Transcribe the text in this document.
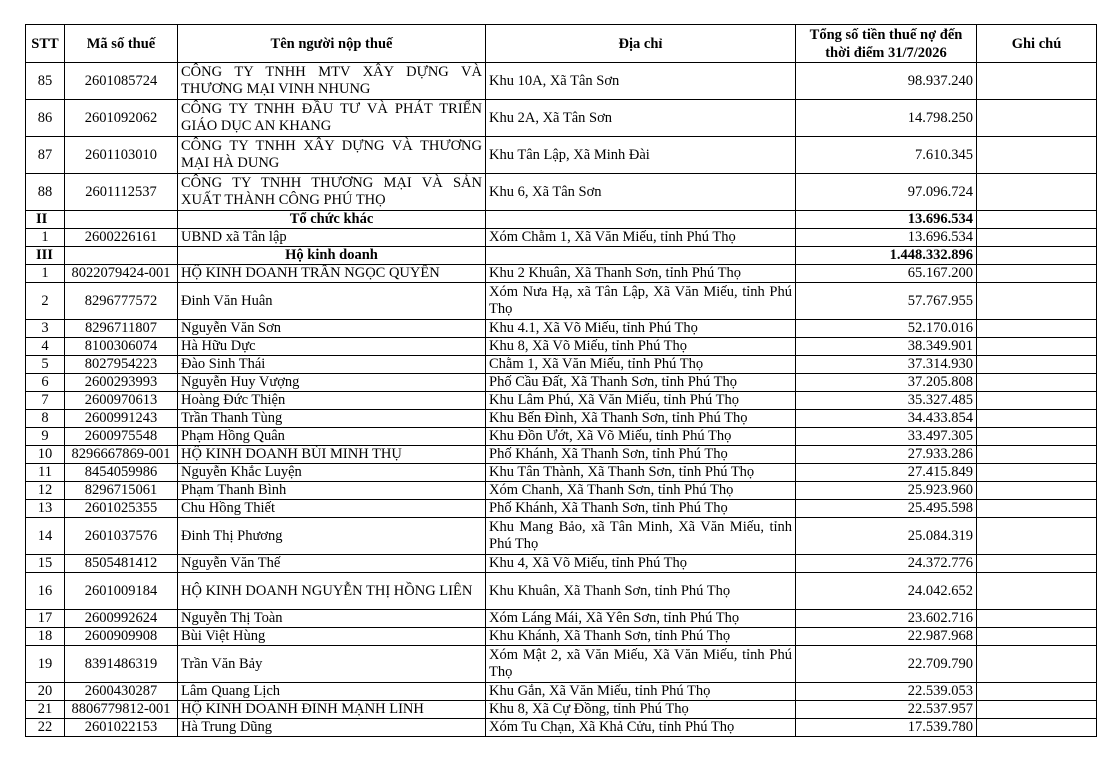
STT	Mã số thuế	Tên người nộp thuế	Địa chỉ	Tổng số tiền thuế nợ đến thời điểm 31/7/2026	Ghi chú
85	2601085724	CÔNG TY TNHH MTV XÂY DỰNG VÀ THƯƠNG MẠI VINH NHUNG	Khu 10A, Xã Tân Sơn	98.937.240	
86	2601092062	CÔNG TY TNHH ĐẦU TƯ VÀ PHÁT TRIỂN GIÁO DỤC AN KHANG	Khu 2A, Xã Tân Sơn	14.798.250	
87	2601103010	CÔNG TY TNHH XÂY DỰNG VÀ THƯƠNG MẠI HÀ DUNG	Khu Tân Lập, Xã Minh Đài	7.610.345	
88	2601112537	CÔNG TY TNHH THƯƠNG MẠI VÀ SẢN XUẤT THÀNH CÔNG PHÚ THỌ	Khu 6, Xã Tân Sơn	97.096.724	
II		Tổ chức khác		13.696.534	
1	2600226161	UBND xã Tân lập	Xóm Chằm 1, Xã Văn Miếu, tỉnh Phú Thọ	13.696.534	
III		Hộ kinh doanh		1.448.332.896	
1	8022079424-001	HỘ KINH DOANH TRẦN NGỌC QUYẾN	Khu 2 Khuân, Xã Thanh Sơn, tỉnh Phú Thọ	65.167.200	
2	8296777572	Đinh Văn Huân	Xóm Nưa Hạ, xã Tân Lập, Xã Văn Miếu, tỉnh Phú Thọ	57.767.955	
3	8296711807	Nguyễn Văn Sơn	Khu 4.1, Xã Võ Miếu, tỉnh Phú Thọ	52.170.016	
4	8100306074	Hà Hữu Dực	Khu 8, Xã Võ Miếu, tỉnh Phú Thọ	38.349.901	
5	8027954223	Đào Sinh Thái	Chằm 1, Xã Văn Miếu, tỉnh Phú Thọ	37.314.930	
6	2600293993	Nguyễn Huy Vượng	Phố Cầu Đất, Xã Thanh Sơn, tỉnh Phú Thọ	37.205.808	
7	2600970613	Hoàng Đức Thiện	Khu Lâm Phú, Xã Văn Miếu, tỉnh Phú Thọ	35.327.485	
8	2600991243	Trần Thanh Tùng	Khu Bến Đình, Xã Thanh Sơn, tỉnh Phú Thọ	34.433.854	
9	2600975548	Phạm Hồng Quân	Khu Đồn Ướt, Xã Võ Miếu, tỉnh Phú Thọ	33.497.305	
10	8296667869-001	HỘ KINH DOANH BÙI MINH THỤ	Phố Khánh, Xã Thanh Sơn, tỉnh Phú Thọ	27.933.286	
11	8454059986	Nguyễn Khắc Luyện	Khu Tân Thành, Xã Thanh Sơn, tỉnh Phú Thọ	27.415.849	
12	8296715061	Phạm Thanh Bình	Xóm Chanh, Xã Thanh Sơn, tỉnh Phú Thọ	25.923.960	
13	2601025355	Chu Hồng Thiết	Phố Khánh, Xã Thanh Sơn, tỉnh Phú Thọ	25.495.598	
14	2601037576	Đinh Thị Phương	Khu Mang Bảo, xã Tân Minh, Xã Văn Miếu, tỉnh Phú Thọ	25.084.319	
15	8505481412	Nguyễn Văn Thế	Khu 4, Xã Võ Miếu, tỉnh Phú Thọ	24.372.776	
16	2601009184	HỘ KINH DOANH NGUYỄN THỊ HỒNG LIÊN	Khu Khuân, Xã Thanh Sơn, tỉnh Phú Thọ	24.042.652	
17	2600992624	Nguyễn Thị Toàn	Xóm Láng Mái, Xã Yên Sơn, tỉnh Phú Thọ	23.602.716	
18	2600909908	Bùi Việt Hùng	Khu Khánh, Xã Thanh Sơn, tỉnh Phú Thọ	22.987.968	
19	8391486319	Trần Văn Bảy	Xóm Mật 2, xã Văn Miếu, Xã Văn Miếu, tỉnh Phú Thọ	22.709.790	
20	2600430287	Lâm Quang Lịch	Khu Gắn, Xã Văn Miếu, tỉnh Phú Thọ	22.539.053	
21	8806779812-001	HỘ KINH DOANH ĐINH MẠNH LINH	Khu 8, Xã Cự Đồng, tỉnh Phú Thọ	22.537.957	
22	2601022153	Hà Trung Dũng	Xóm Tu Chạn, Xã Khả Cửu, tỉnh Phú Thọ	17.539.780	
